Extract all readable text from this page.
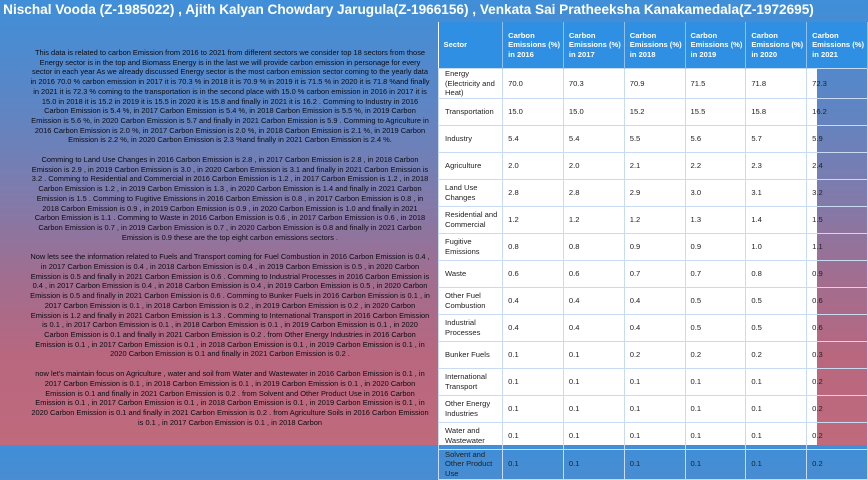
Nischal Vooda (Z-1985022) , Ajith Kalyan Chowdary Jarugula(Z-1966156) , Venkata Sai Pratheeksha Kanakamedala(Z-1972695)

This data is related to carbon Emission from 2016 to 2021 from different sectors we consider top 18 sectors from those Energy sector is in the top and Biomass Energy is in the last we will provide carbon emission in personage for every sector in each year As we already discussed Energy sector is the most carbon emission sector coming to the yearly data in 2016 70.0 % carbon emission in 2017 it is 70.3 % in 2018 it is 70.9 % in 2019 it is 71.5 % in 2020 it is 71.8 %and finally in 2021 it is 72.3 % coming to the transportation is in the second place with 15.0 % carbon emission in 2016 in 2017 it is 15.0 in 2018 it is 15.2 in 2019 it is 15.5 in 2020 it is 15.8 and finally in 2021 it is 16.2 . Comming to Industry in 2016 Carbon Emission is 5.4 %, in 2017 Carbon Emission is 5.4 %, in 2018 Carbon Emission is 5.5 %, in 2019 Carbon Emission is 5.6 %, in 2020 Carbon Emission is 5.7 and finally in 2021 Carbon Emission is 5.9 . Comming to Agriculture in 2016 Carbon Emission is 2.0 %, in 2017 Carbon Emission is 2.0 %, in 2018 Carbon Emission is 2.1 %, in 2019 Carbon Emission is 2.2 %, in 2020 Carbon Emission is 2.3 %and finally in 2021 Carbon Emission is 2.4 %.

Comming to Land Use Changes in 2016 Carbon Emission is 2.8 , in 2017 Carbon Emission is 2.8 , in 2018 Carbon Emission is 2.9 , in 2019 Carbon Emission is 3.0 , in 2020 Carbon Emission is 3.1 and finally in 2021 Carbon Emission is 3.2 . Comming to Residential and Commercial in 2016 Carbon Emission is 1.2 , in 2017 Carbon Emission is 1.2 , in 2018 Carbon Emission is 1.2 , in 2019 Carbon Emission is 1.3 , in 2020 Carbon Emission is 1.4 and finally in 2021 Carbon Emission is 1.5 . Comming to Fugitive Emissions in 2016 Carbon Emission is 0.8 , in 2017 Carbon Emission is 0.8 , in 2018 Carbon Emission is 0.9 , in 2019 Carbon Emission is 0.9 , in 2020 Carbon Emission is 1.0 and finally in 2021 Carbon Emission is 1.1 . Comming to Waste in 2016 Carbon Emission is 0.6 , in 2017 Carbon Emission is 0.6 , in 2018 Carbon Emission is 0.7 , in 2019 Carbon Emission is 0.7 , in 2020 Carbon Emission is 0.8 and finally in 2021 Carbon Emission is 0.9 these are the top eight carbon emissions sectors .

Now lets see the information related to Fuels and Transport coming for Fuel Combustion in 2016 Carbon Emission is 0.4 , in 2017 Carbon Emission is 0.4 , in 2018 Carbon Emission is 0.4 , in 2019 Carbon Emission is 0.5 , in 2020 Carbon Emission is 0.5 and finally in 2021 Carbon Emission is 0.6 . Comming to Industrial Processes in 2016 Carbon Emission is 0.4 , in 2017 Carbon Emission is 0.4 , in 2018 Carbon Emission is 0.4 , in 2019 Carbon Emission is 0.5 , in 2020 Carbon Emission is 0.5 and finally in 2021 Carbon Emission is 0.6 . Comming to Bunker Fuels in 2016 Carbon Emission is 0.1 , in 2017 Carbon Emission is 0.1 , in 2018 Carbon Emission is 0.2 , in 2019 Carbon Emission is 0.2 , in 2020 Carbon Emission is 1.2 and finally in 2021 Carbon Emission is 1.3 . Comming to International Transport in 2016 Carbon Emission is 0.1 , in 2017 Carbon Emission is 0.1 , in 2018 Carbon Emission is 0.1 , in 2019 Carbon Emission is 0.1 , in 2020 Carbon Emission is 0.1 and finally in 2021 Carbon Emission is 0.2 . from Other Energy Industries in 2016 Carbon Emission is 0.1 , in 2017 Carbon Emission is 0.1 , in 2018 Carbon Emission is 0.1 , in 2019 Carbon Emission is 0.1 , in 2020 Carbon Emission is 0.1 and finally in 2021 Carbon Emission is 0.2 .

now let's maintain focus on Agriculture , water and soil from Water and Wastewater in 2016 Carbon Emission is 0.1 , in 2017 Carbon Emission is 0.1 , in 2018 Carbon Emission is 0.1 , in 2019 Carbon Emission is 0.1 , in 2020 Carbon Emission is 0.1 and finally in 2021 Carbon Emission is 0.2 . from Solvent and Other Product Use in 2016 Carbon Emission is 0.1 , in 2017 Carbon Emission is 0.1 , in 2018 Carbon Emission is 0.1 , in 2019 Carbon Emission is 0.1 , in 2020 Carbon Emission is 0.1 and finally in 2021 Carbon Emission is 0.2 . from Agriculture Soils in 2016 Carbon Emission is 0.1 , in 2017 Carbon Emission is 0.1 , in 2018 Carbon

Sector	Carbon Emissions (%) in 2016	Carbon Emissions (%) in 2017	Carbon Emissions (%) in 2018	Carbon Emissions (%) in 2019	Carbon Emissions (%) in 2020	Carbon Emissions (%) in 2021
Energy (Electricity and Heat)	70.0	70.3	70.9	71.5	71.8	72.3
Transportation	15.0	15.0	15.2	15.5	15.8	16.2
Industry	5.4	5.4	5.5	5.6	5.7	5.9
Agriculture	2.0	2.0	2.1	2.2	2.3	2.4
Land Use Changes	2.8	2.8	2.9	3.0	3.1	3.2
Residential and Commercial	1.2	1.2	1.2	1.3	1.4	1.5
Fugitive Emissions	0.8	0.8	0.9	0.9	1.0	1.1
Waste	0.6	0.6	0.7	0.7	0.8	0.9
Other Fuel Combustion	0.4	0.4	0.4	0.5	0.5	0.6
Industrial Processes	0.4	0.4	0.4	0.5	0.5	0.6
Bunker Fuels	0.1	0.1	0.2	0.2	0.2	0.3
International Transport	0.1	0.1	0.1	0.1	0.1	0.2
Other Energy Industries	0.1	0.1	0.1	0.1	0.1	0.2
Water and Wastewater	0.1	0.1	0.1	0.1	0.1	0.2
Solvent and Other Product Use	0.1	0.1	0.1	0.1	0.1	0.2
